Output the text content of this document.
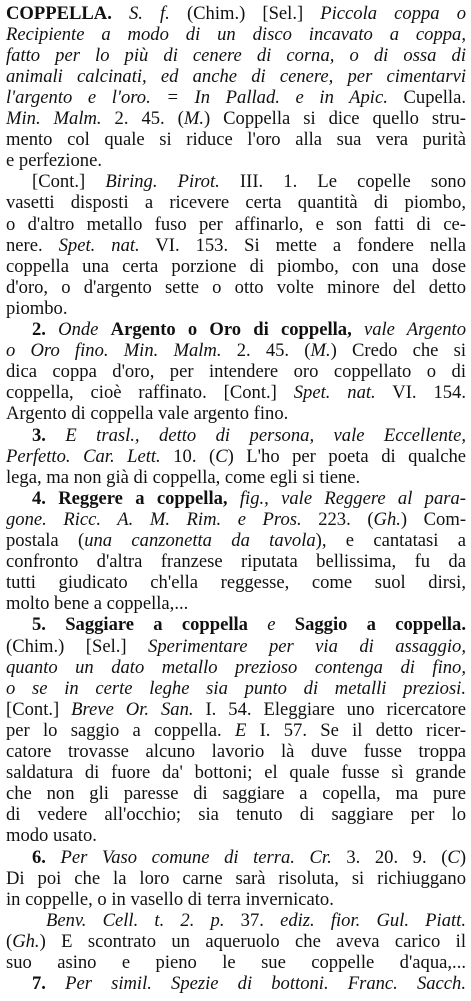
COPPELLA. S. f. (Chim.) [Sel.] Piccola coppa o
Recipiente a modo di un disco incavato a coppa,
fatto per lo più di cenere di corna, o di ossa di
animali calcinati, ed anche di cenere, per cimentarvi
l'argento e l'oro. = In Pallad. e in Apic. Cupella.
Min. Malm. 2. 45. (M.) Coppella si dice quello stru-
mento col quale si riduce l'oro alla sua vera purità
e perfezione.
[Cont.] Biring. Pirot. III. 1. Le copelle sono
vasetti disposti a ricevere certa quantità di piombo,
o d'altro metallo fuso per affinarlo, e son fatti di ce-
nere. Spet. nat. VI. 153. Si mette a fondere nella
coppella una certa porzione di piombo, con una dose
d'oro, o d'argento sette o otto volte minore del detto
piombo.
2. Onde Argento o Oro di coppella, vale Argento
o Oro fino. Min. Malm. 2. 45. (M.) Credo che si
dica coppa d'oro, per intendere oro coppellato o di
coppella, cioè raffinato. [Cont.] Spet. nat. VI. 154.
Argento di coppella vale argento fino.
3. E trasl., detto di persona, vale Eccellente,
Perfetto. Car. Lett. 10. (C) L'ho per poeta di qualche
lega, ma non già di coppella, come egli si tiene.
4. Reggere a coppella, fig., vale Reggere al para-
gone. Ricc. A. M. Rim. e Pros. 223. (Gh.) Com-
postala (una canzonetta da tavola), e cantatasi a
confronto d'altra franzese riputata bellissima, fu da
tutti giudicato ch'ella reggesse, come suol dirsi,
molto bene a coppella,...
5. Saggiare a coppella e Saggio a coppella.
(Chim.) [Sel.] Sperimentare per via di assaggio,
quanto un dato metallo prezioso contenga di fino,
o se in certe leghe sia punto di metalli preziosi.
[Cont.] Breve Or. San. I. 54. Eleggiare uno ricercatore
per lo saggio a coppella. E I. 57. Se il detto ricer-
catore trovasse alcuno lavorio là duve fusse troppa
saldatura di fuore da' bottoni; el quale fusse sì grande
che non gli paresse di saggiare a copella, ma pure
di vedere all'occhio; sia tenuto di saggiare per lo
modo usato.
6. Per Vaso comune di terra. Cr. 3. 20. 9. (C)
Di poi che la loro carne sarà risoluta, si richiuggano
in coppelle, o in vasello di terra invernicato.
Benv. Cell. t. 2. p. 37. ediz. fior. Gul. Piatt.
(Gh.) E scontrato un aqueruolo che aveva carico il
suo asino e pieno le sue coppelle d'aqua,...
7. Per simil. Spezie di bottoni. Franc. Sacch.
